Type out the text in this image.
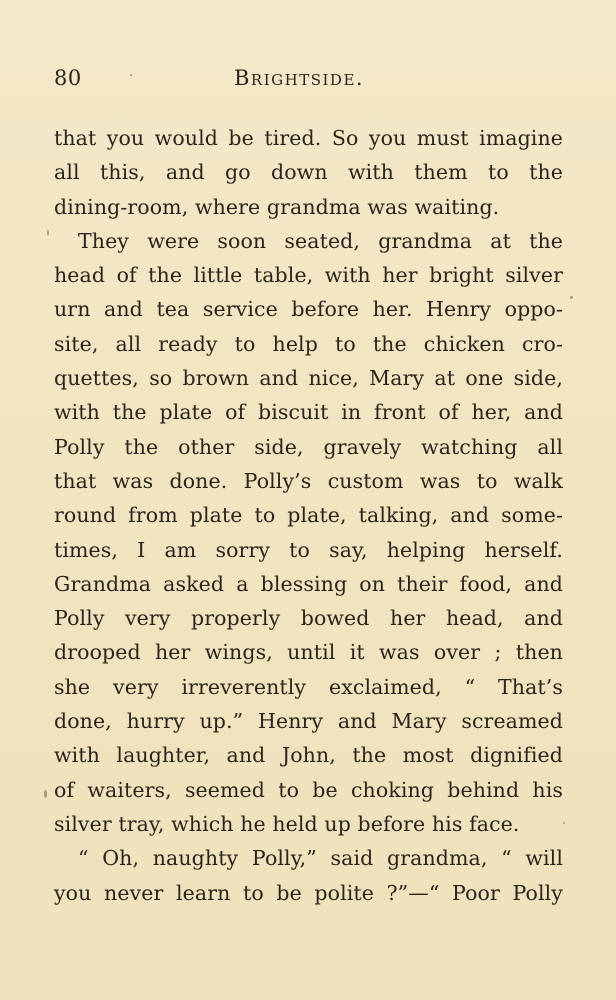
80	Brightside.
that you would be tired. So you must imagine
all this, and go down with them to the
dining-room, where grandma was waiting.
They were soon seated, grandma at the
head of the little table, with her bright silver
urn and tea service before her. Henry oppo-
site, all ready to help to the chicken cro-
quettes, so brown and nice, Mary at one side,
with the plate of biscuit in front of her, and
Polly the other side, gravely watching all
that was done. Polly’s custom was to walk
round from plate to plate, talking, and some-
times, I am sorry to say, helping herself.
Grandma asked a blessing on their food, and
Polly very properly bowed her head, and
drooped her wings, until it was over ; then
she very irreverently exclaimed, “ That’s
done, hurry up.” Henry and Mary screamed
with laughter, and John, the most dignified
of waiters, seemed to be choking behind his
silver tray, which he held up before his face.
“ Oh, naughty Polly,” said grandma, “ will
you never learn to be polite ?”—“ Poor Polly
